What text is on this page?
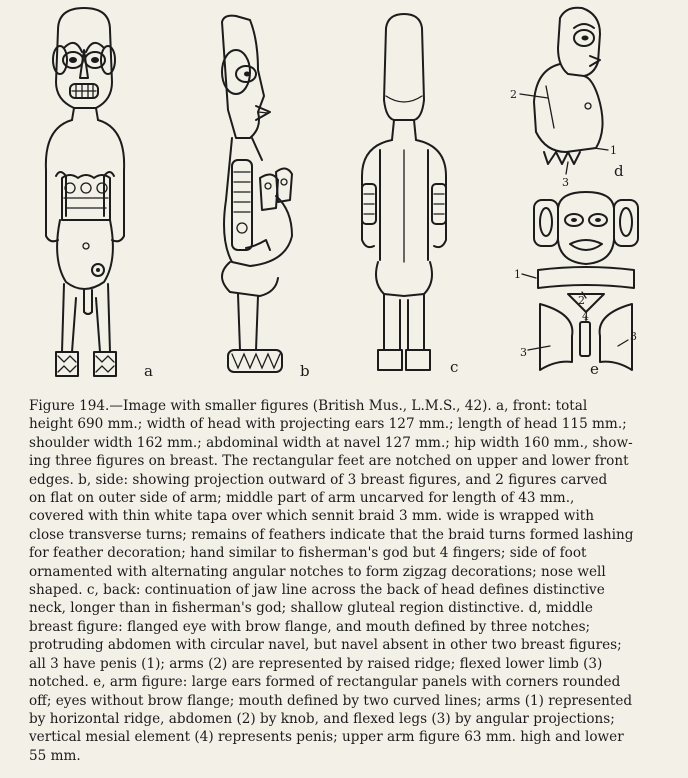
a	b	c
2
1
3
d
1
2
3
3
4
e
Figure 194.—Image with smaller figures (British Mus., L.M.S., 42). a, front: total
height 690 mm.; width of head with projecting ears 127 mm.; length of head 115 mm.;
shoulder width 162 mm.; abdominal width at navel 127 mm.; hip width 160 mm., show-
ing three figures on breast. The rectangular feet are notched on upper and lower front
edges. b, side: showing projection outward of 3 breast figures, and 2 figures carved
on flat on outer side of arm; middle part of arm uncarved for length of 43 mm.,
covered with thin white tapa over which sennit braid 3 mm. wide is wrapped with
close transverse turns; remains of feathers indicate that the braid turns formed lashing
for feather decoration; hand similar to fisherman's god but 4 fingers; side of foot
ornamented with alternating angular notches to form zigzag decorations; nose well
shaped. c, back: continuation of jaw line across the back of head defines distinctive
neck, longer than in fisherman's god; shallow gluteal region distinctive. d, middle
breast figure: flanged eye with brow flange, and mouth defined by three notches;
protruding abdomen with circular navel, but navel absent in other two breast figures;
all 3 have penis (1); arms (2) are represented by raised ridge; flexed lower limb (3)
notched. e, arm figure: large ears formed of rectangular panels with corners rounded
off; eyes without brow flange; mouth defined by two curved lines; arms (1) represented
by horizontal ridge, abdomen (2) by knob, and flexed legs (3) by angular projections;
vertical mesial element (4) represents penis; upper arm figure 63 mm. high and lower
55 mm.
